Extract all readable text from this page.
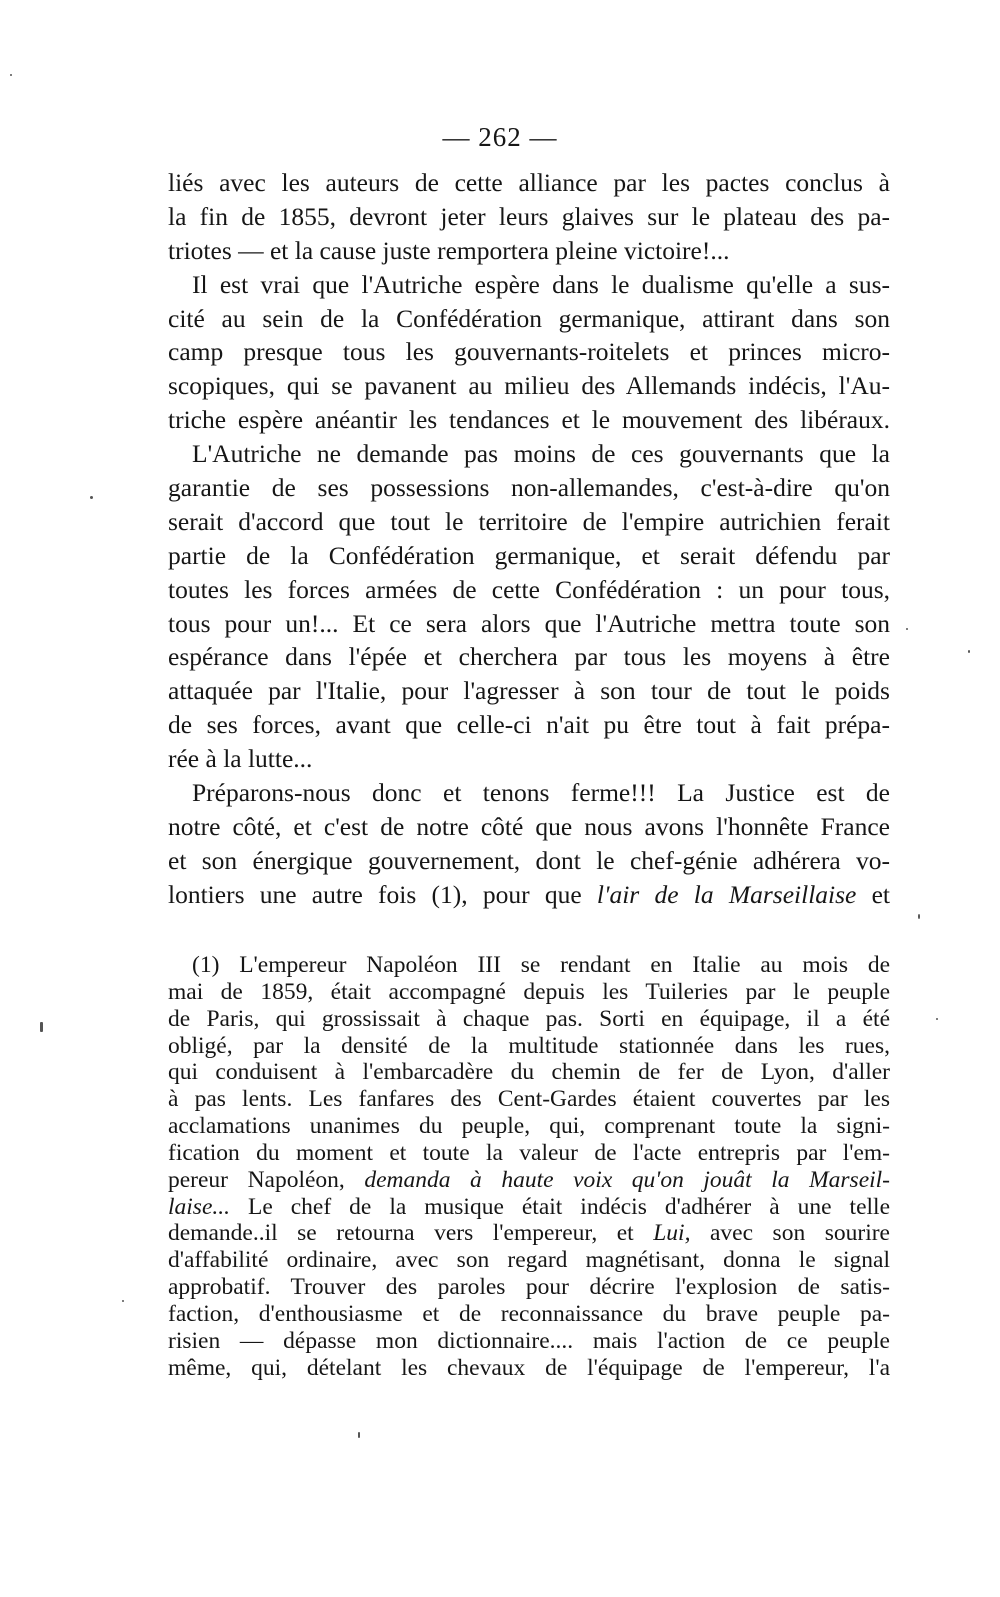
— 262 —
liés avec les auteurs de cette alliance par les pactes conclus à
la fin de 1855, devront jeter leurs glaives sur le plateau des pa-
triotes — et la cause juste remportera pleine victoire!...
Il est vrai que l'Autriche espère dans le dualisme qu'elle a sus-
cité au sein de la Confédération germanique, attirant dans son
camp presque tous les gouvernants-roitelets et princes micro-
scopiques, qui se pavanent au milieu des Allemands indécis, l'Au-
triche espère anéantir les tendances et le mouvement des libéraux.
L'Autriche ne demande pas moins de ces gouvernants que la
garantie de ses possessions non-allemandes, c'est-à-dire qu'on
serait d'accord que tout le territoire de l'empire autrichien ferait
partie de la Confédération germanique, et serait défendu par
toutes les forces armées de cette Confédération : un pour tous,
tous pour un!... Et ce sera alors que l'Autriche mettra toute son
espérance dans l'épée et cherchera par tous les moyens à être
attaquée par l'Italie, pour l'agresser à son tour de tout le poids
de ses forces, avant que celle-ci n'ait pu être tout à fait prépa-
rée à la lutte...
Préparons-nous donc et tenons ferme!!! La Justice est de
notre côté, et c'est de notre côté que nous avons l'honnête France
et son énergique gouvernement, dont le chef-génie adhérera vo-
lontiers une autre fois (1), pour que l'air de la Marseillaise et
(1) L'empereur Napoléon III se rendant en Italie au mois de
mai de 1859, était accompagné depuis les Tuileries par le peuple
de Paris, qui grossissait à chaque pas. Sorti en équipage, il a été
obligé, par la densité de la multitude stationnée dans les rues,
qui conduisent à l'embarcadère du chemin de fer de Lyon, d'aller
à pas lents. Les fanfares des Cent-Gardes étaient couvertes par les
acclamations unanimes du peuple, qui, comprenant toute la signi-
fication du moment et toute la valeur de l'acte entrepris par l'em-
pereur Napoléon, demanda à haute voix qu'on jouât la Marseil-
laise... Le chef de la musique était indécis d'adhérer à une telle
demande..il se retourna vers l'empereur, et Lui, avec son sourire
d'affabilité ordinaire, avec son regard magnétisant, donna le signal
approbatif. Trouver des paroles pour décrire l'explosion de satis-
faction, d'enthousiasme et de reconnaissance du brave peuple pa-
risien — dépasse mon dictionnaire.... mais l'action de ce peuple
même, qui, dételant les chevaux de l'équipage de l'empereur, l'a
